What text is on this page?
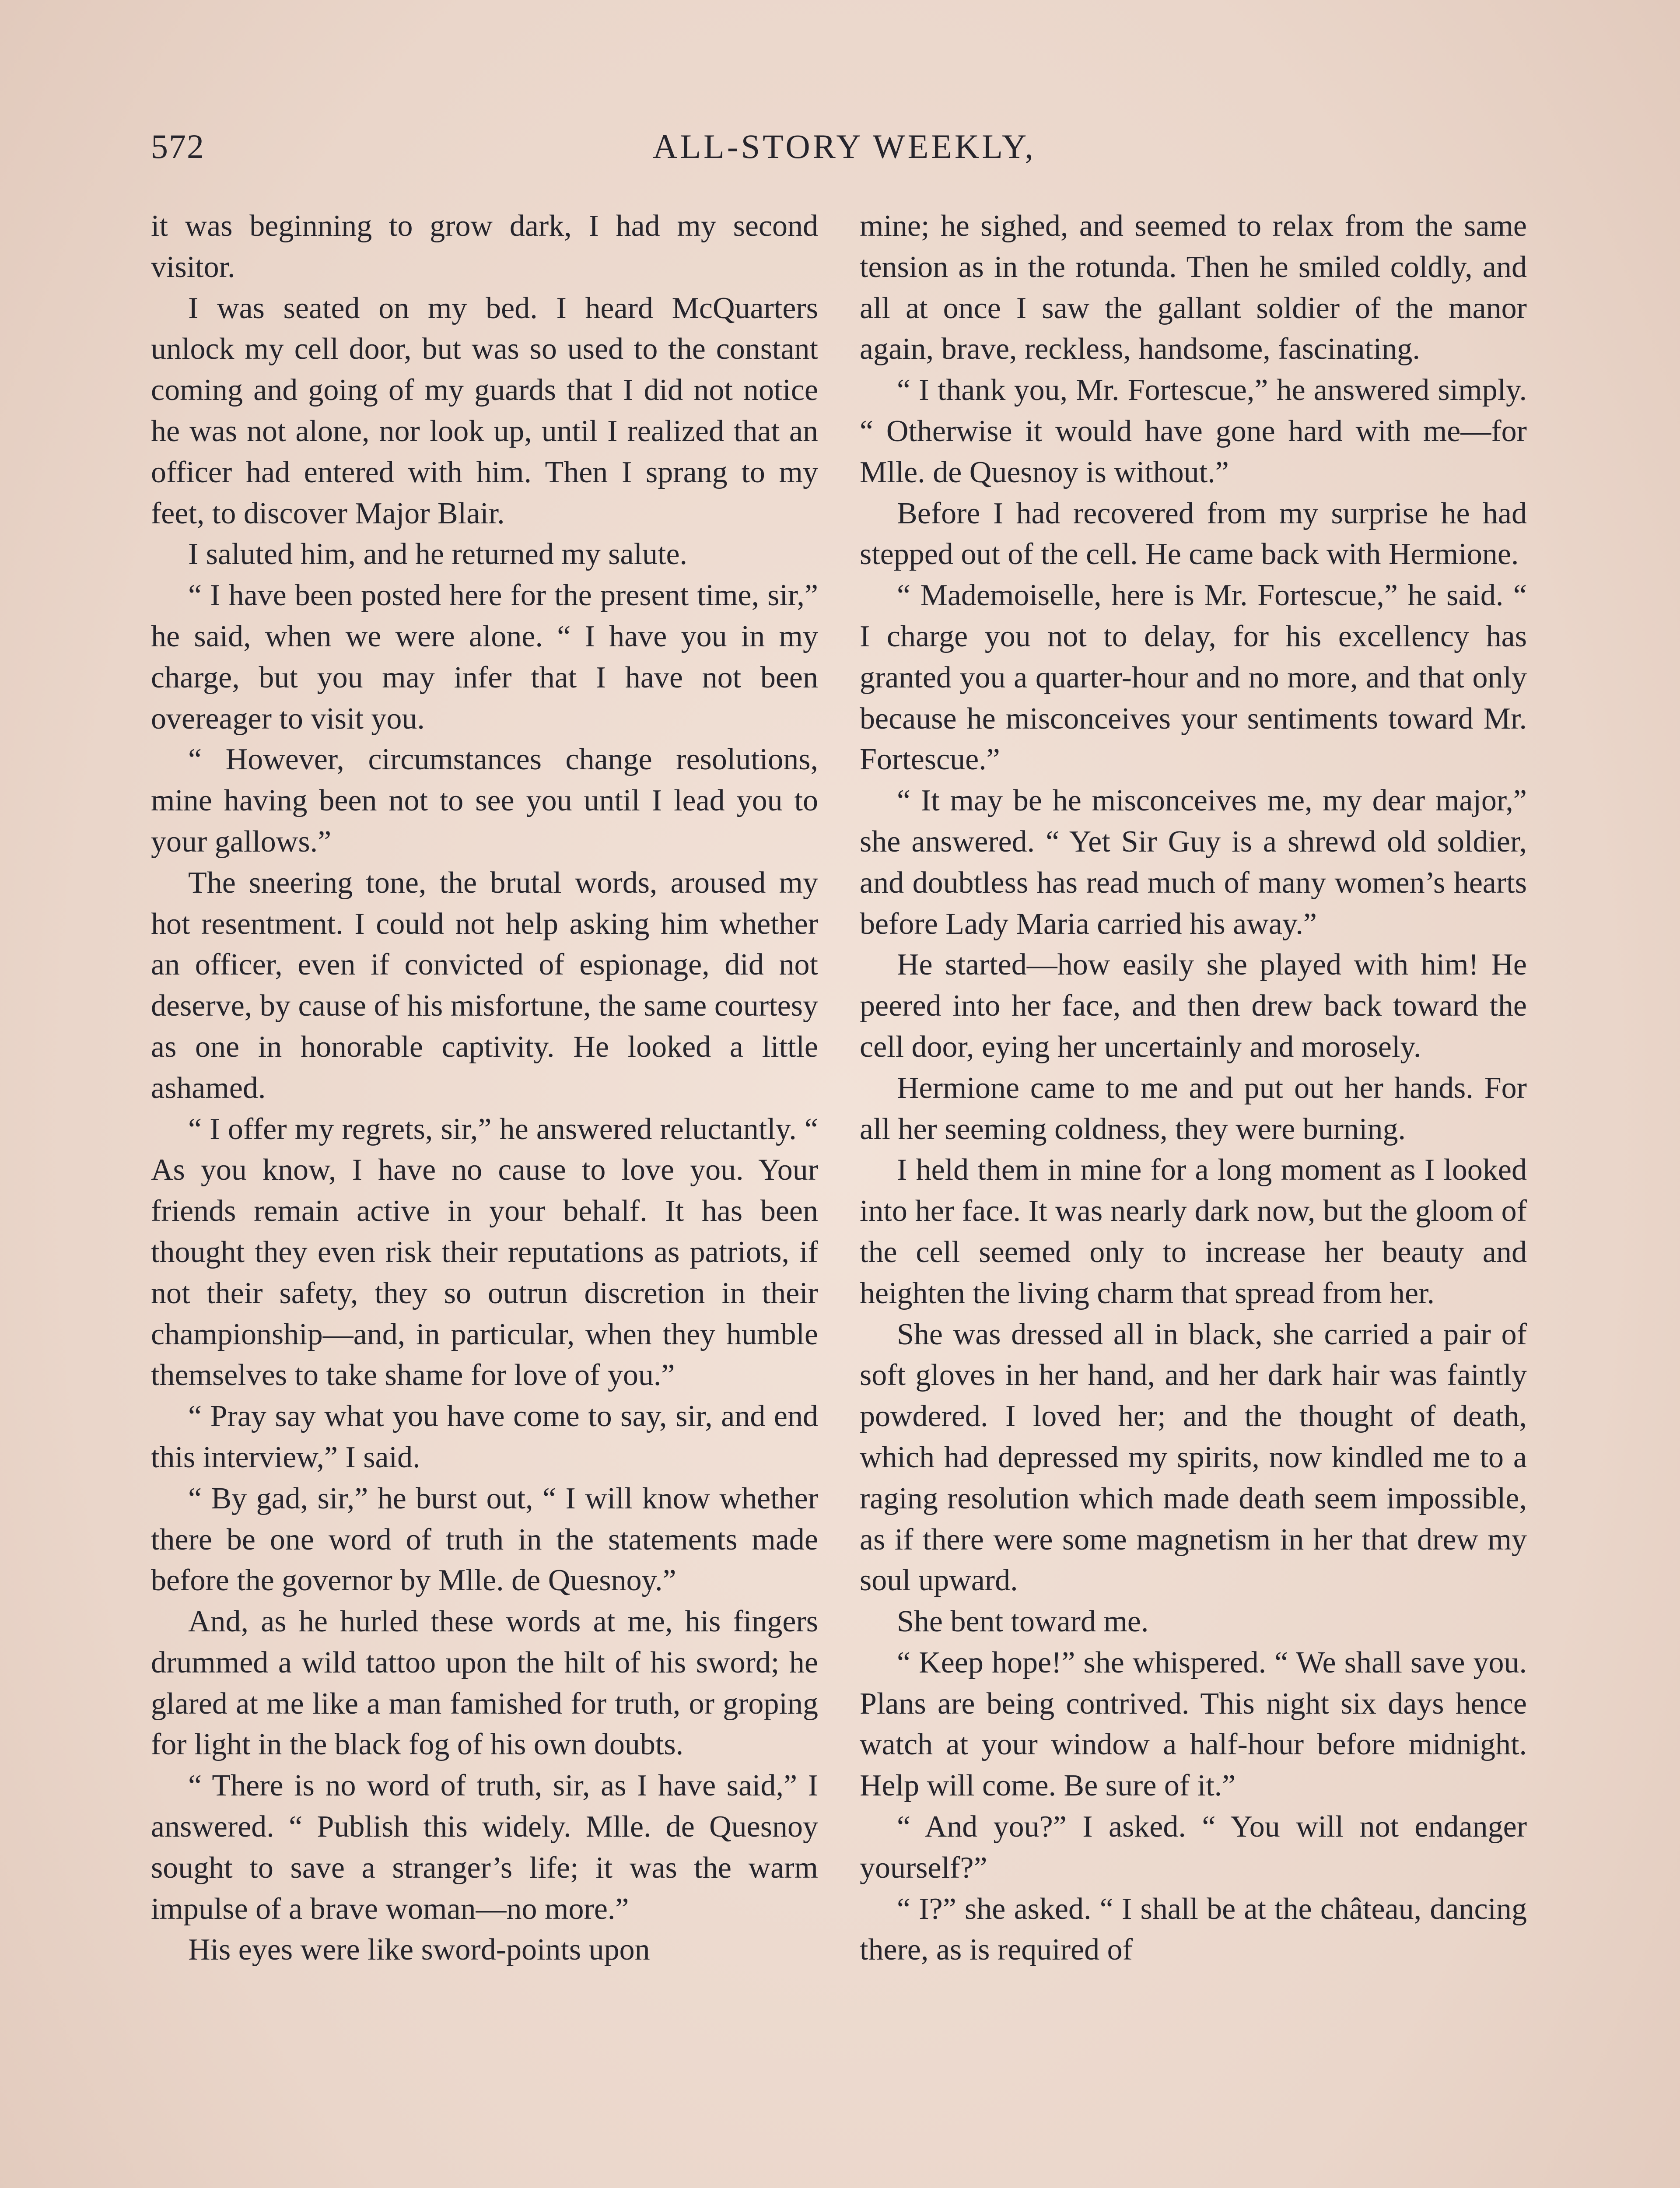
572	ALL-STORY WEEKLY,

it was beginning to grow dark, I had my second visitor.

I was seated on my bed. I heard McQuarters unlock my cell door, but was so used to the constant coming and going of my guards that I did not notice he was not alone, nor look up, until I realized that an officer had entered with him. Then I sprang to my feet, to discover Major Blair.

I saluted him, and he returned my salute.

“ I have been posted here for the present time, sir,” he said, when we were alone. “ I have you in my charge, but you may infer that I have not been overeager to visit you.

“ However, circumstances change resolutions, mine having been not to see you until I lead you to your gallows.”

The sneering tone, the brutal words, aroused my hot resentment. I could not help asking him whether an officer, even if convicted of espionage, did not deserve, by cause of his misfortune, the same courtesy as one in honorable captivity. He looked a little ashamed.

“ I offer my regrets, sir,” he answered reluctantly. “ As you know, I have no cause to love you. Your friends remain active in your behalf. It has been thought they even risk their reputations as patriots, if not their safety, they so outrun discretion in their championship—and, in particular, when they humble themselves to take shame for love of you.”

“ Pray say what you have come to say, sir, and end this interview,” I said.

“ By gad, sir,” he burst out, “ I will know whether there be one word of truth in the statements made before the governor by Mlle. de Quesnoy.”

And, as he hurled these words at me, his fingers drummed a wild tattoo upon the hilt of his sword; he glared at me like a man famished for truth, or groping for light in the black fog of his own doubts.

“ There is no word of truth, sir, as I have said,” I answered. “ Publish this widely. Mlle. de Quesnoy sought to save a stranger’s life; it was the warm impulse of a brave woman—no more.”

His eyes were like sword-points upon

mine; he sighed, and seemed to relax from the same tension as in the rotunda. Then he smiled coldly, and all at once I saw the gallant soldier of the manor again, brave, reckless, handsome, fascinating.

“ I thank you, Mr. Fortescue,” he answered simply. “ Otherwise it would have gone hard with me—for Mlle. de Quesnoy is without.”

Before I had recovered from my surprise he had stepped out of the cell. He came back with Hermione.

“ Mademoiselle, here is Mr. Fortescue,” he said. “ I charge you not to delay, for his excellency has granted you a quarter-hour and no more, and that only because he misconceives your sentiments toward Mr. Fortescue.”

“ It may be he misconceives me, my dear major,” she answered. “ Yet Sir Guy is a shrewd old soldier, and doubtless has read much of many women’s hearts before Lady Maria carried his away.”

He started—how easily she played with him! He peered into her face, and then drew back toward the cell door, eying her uncertainly and morosely.

Hermione came to me and put out her hands. For all her seeming coldness, they were burning.

I held them in mine for a long moment as I looked into her face. It was nearly dark now, but the gloom of the cell seemed only to increase her beauty and heighten the living charm that spread from her.

She was dressed all in black, she carried a pair of soft gloves in her hand, and her dark hair was faintly powdered. I loved her; and the thought of death, which had depressed my spirits, now kindled me to a raging resolution which made death seem impossible, as if there were some magnetism in her that drew my soul upward.

She bent toward me.

“ Keep hope!” she whispered. “ We shall save you. Plans are being contrived. This night six days hence watch at your window a half-hour before midnight. Help will come. Be sure of it.”

“ And you?” I asked. “ You will not endanger yourself?”

“ I?” she asked. “ I shall be at the château, dancing there, as is required of
